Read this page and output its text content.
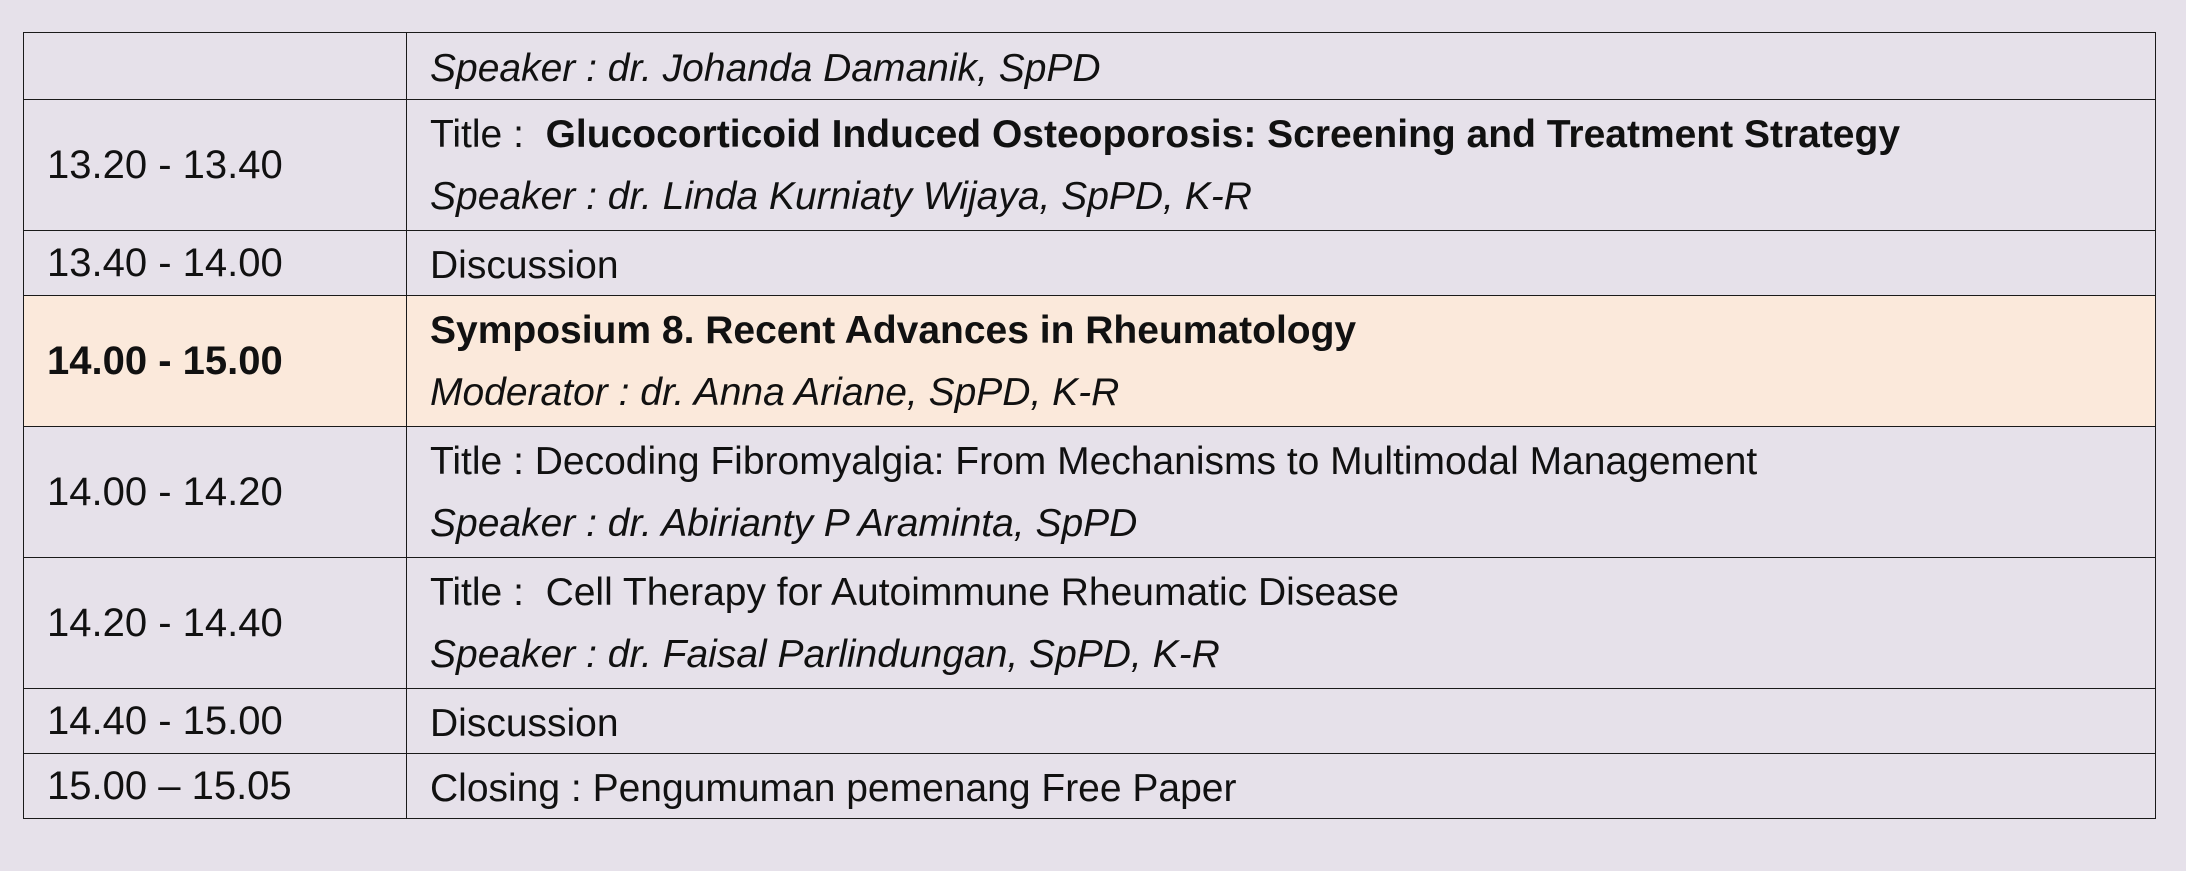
	Speaker : dr. Johanda Damanik, SpPD

13.20 - 13.40	Title :  Glucocorticoid Induced Osteoporosis: Screening and Treatment Strategy
Speaker : dr. Linda Kurniaty Wijaya, SpPD, K-R

13.40 - 14.00	Discussion

14.00 - 15.00	Symposium 8. Recent Advances in Rheumatology
Moderator : dr. Anna Ariane, SpPD, K-R

14.00 - 14.20	Title : Decoding Fibromyalgia: From Mechanisms to Multimodal Management
Speaker : dr. Abirianty P Araminta, SpPD

14.20 - 14.40	Title :  Cell Therapy for Autoimmune Rheumatic Disease
Speaker : dr. Faisal Parlindungan, SpPD, K-R

14.40 - 15.00	Discussion

15.00 – 15.05	Closing : Pengumuman pemenang Free Paper
